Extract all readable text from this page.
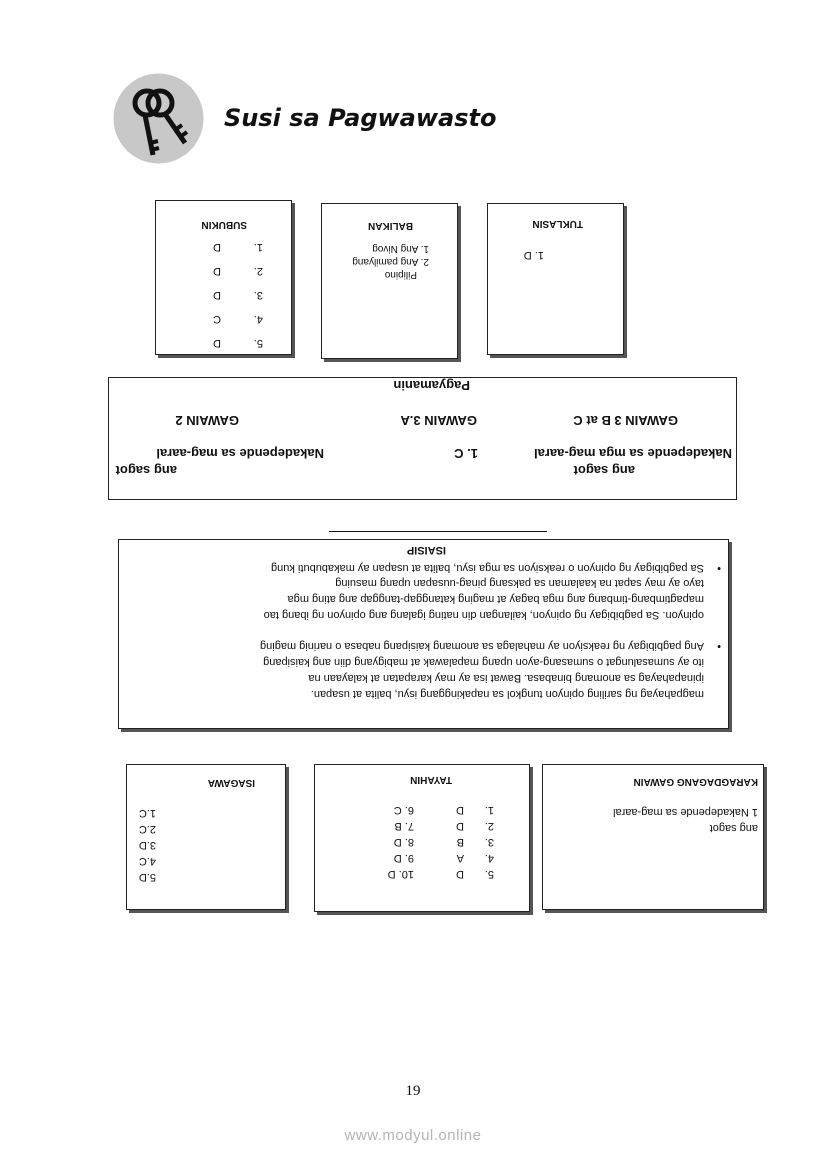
Susi sa Pagwawasto
SUBUKIN
1.
D
2.
D
3.
D
4.
C
5.
D
BALIKAN
1. Ang Nivog
2. Ang pamilyang
Pilipino
TUKLASIN
1. D
Pagyamanin
GAWAIN 2
Nakadepende sa mag-aaral
ang sagot
GAWAIN 3.A
1. C
GAWAIN 3 B at C
Nakadepende sa mga mag-aaral
ang sagot
ISAISIP
•
Sa pagbibigay ng opinyon o reaksiyon sa mga isyu, balita at usapan ay makabubuti kung
tayo ay may sapat na kaalaman sa paksang pinag-uusapan upang masuing
mapagtimbang-timbang ang mga bagay at maging katanggap-tanggap ang ating mga
opinyon. Sa pagbibigay ng opinyon, kailangan din nating igalang ang opinyon ng ibang tao
•
Ang pagbibigay ng reaksiyon ay mahalaga sa anomang kaisipang nabasa o narinig maging
ito ay sumasalungat o sumasang-ayon upang mapalawak at mabigyang diin ang kaisipang
ipinapahayag sa anomang binabasa. Bawat isa ay may karapatan at kalayaan na
magpahayag ng sariling opinyon tungkol sa napakinggang isyu, balita at usapan.
ISAGAWA
1.C
2.C
3.D
4.C
5.D
TAYAHIN
1.
D
2.
D
3.
B
4.
A
5.
D
6. C
7. B
8. D
9. D
10. D
KARAGDAGANG GAWAIN
1 Nakadepende sa mag-aaral
ang sagot
19
www.modyul.online
